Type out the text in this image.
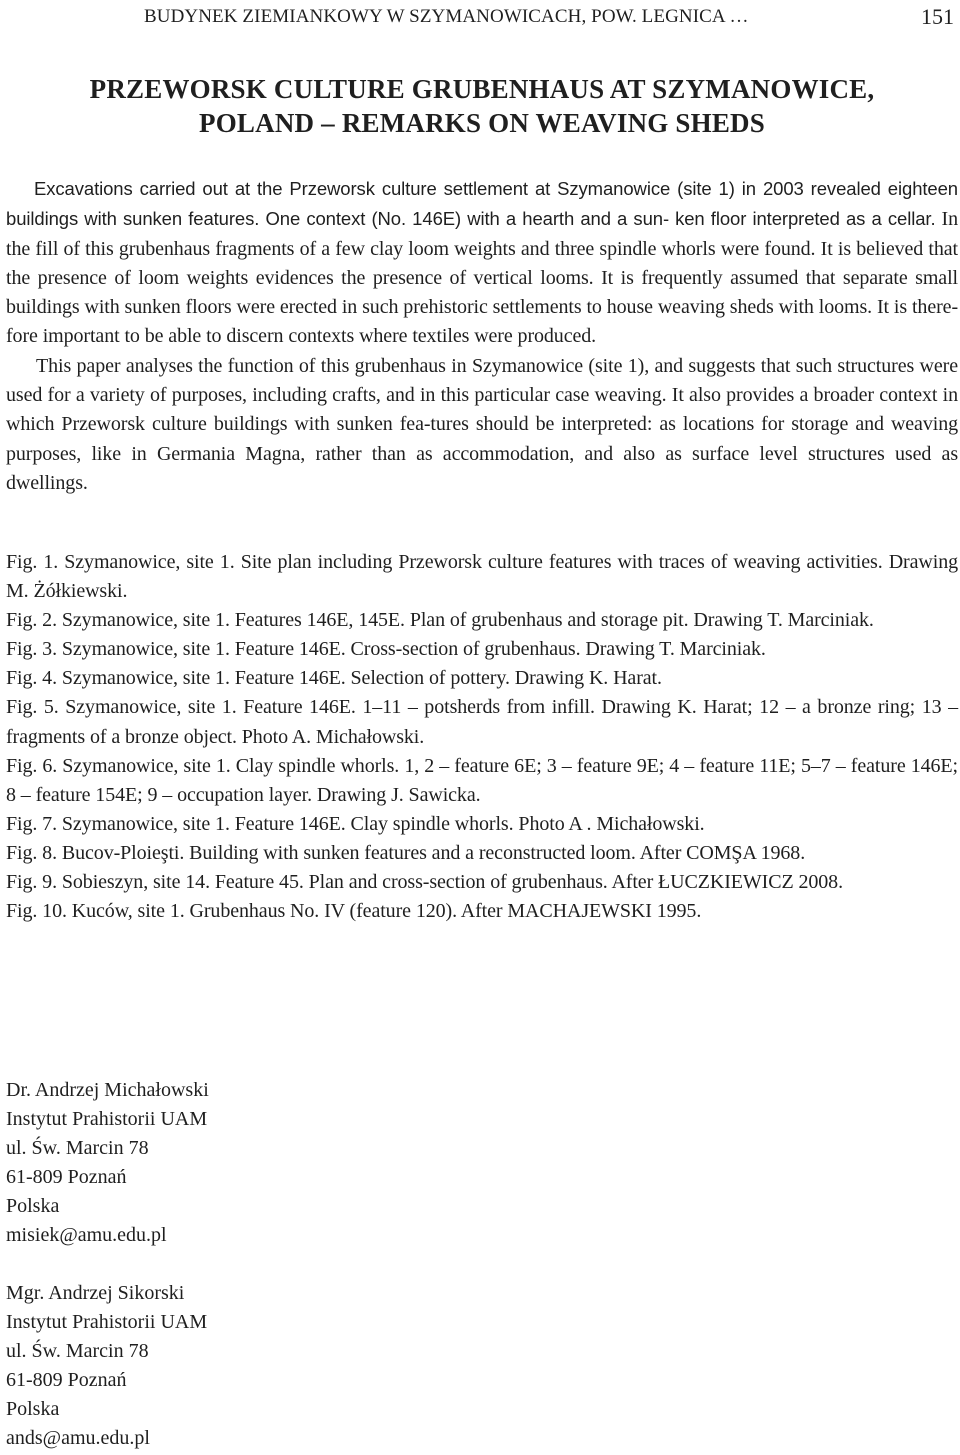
BUDYNEK ZIEMIANKOWY W SZYMANOWICACH, POW. LEGNICA …	151
PRZEWORSK CULTURE GRUBENHAUS AT SZYMANOWICE,
POLAND – REMARKS ON WEAVING SHEDS

Excavations carried out at the Przeworsk culture settlement at Szymanowice (site 1) in 2003 revealed eighteen buildings with sunken features. One context (No. 146E) with a hearth and a sun- ken floor interpreted as a cellar. In the fill of this grubenhaus fragments of a few clay loom weights and three spindle whorls were found. It is believed that the presence of loom weights evidences the presence of vertical looms. It is frequently assumed that separate small buildings with sunken floors were erected in such prehistoric settlements to house weaving sheds with looms. It is there-fore important to be able to discern contexts where textiles were produced.

This paper analyses the function of this grubenhaus in Szymanowice (site 1), and suggests that such structures were used for a variety of purposes, including crafts, and in this particular case weaving. It also provides a broader context in which Przeworsk culture buildings with sunken fea-tures should be interpreted: as locations for storage and weaving purposes, like in Germania Magna, rather than as accommodation, and also as surface level structures used as dwellings.

Fig. 1. Szymanowice, site 1. Site plan including Przeworsk culture features with traces of weaving activities. Drawing M. Żółkiewski.

Fig. 2. Szymanowice, site 1. Features 146E, 145E. Plan of grubenhaus and storage pit. Drawing T. Marciniak.

Fig. 3. Szymanowice, site 1. Feature 146E. Cross-section of grubenhaus. Drawing T. Marciniak.

Fig. 4. Szymanowice, site 1. Feature 146E. Selection of pottery. Drawing K. Harat.

Fig. 5. Szymanowice, site 1. Feature 146E. 1–11 – potsherds from infill. Drawing K. Harat; 12 – a bronze ring; 13 – fragments of a bronze object. Photo A. Michałowski.

Fig. 6. Szymanowice, site 1. Clay spindle whorls. 1, 2 – feature 6E; 3 – feature 9E; 4 – feature 11E; 5–7 – feature 146E; 8 – feature 154E; 9 – occupation layer. Drawing J. Sawicka.

Fig. 7. Szymanowice, site 1. Feature 146E. Clay spindle whorls. Photo A . Michałowski.

Fig. 8. Bucov-Ploieşti. Building with sunken features and a reconstructed loom. After COMŞA 1968.

Fig. 9. Sobieszyn, site 14. Feature 45. Plan and cross-section of grubenhaus. After ŁUCZKIEWICZ 2008.

Fig. 10. Kuców, site 1. Grubenhaus No. IV (feature 120). After MACHAJEWSKI 1995.

Dr. Andrzej Michałowski
Instytut Prahistorii UAM
ul. Św. Marcin 78
61-809 Poznań
Polska
misiek@amu.edu.pl
Mgr. Andrzej Sikorski
Instytut Prahistorii UAM
ul. Św. Marcin 78
61-809 Poznań
Polska
ands@amu.edu.pl
